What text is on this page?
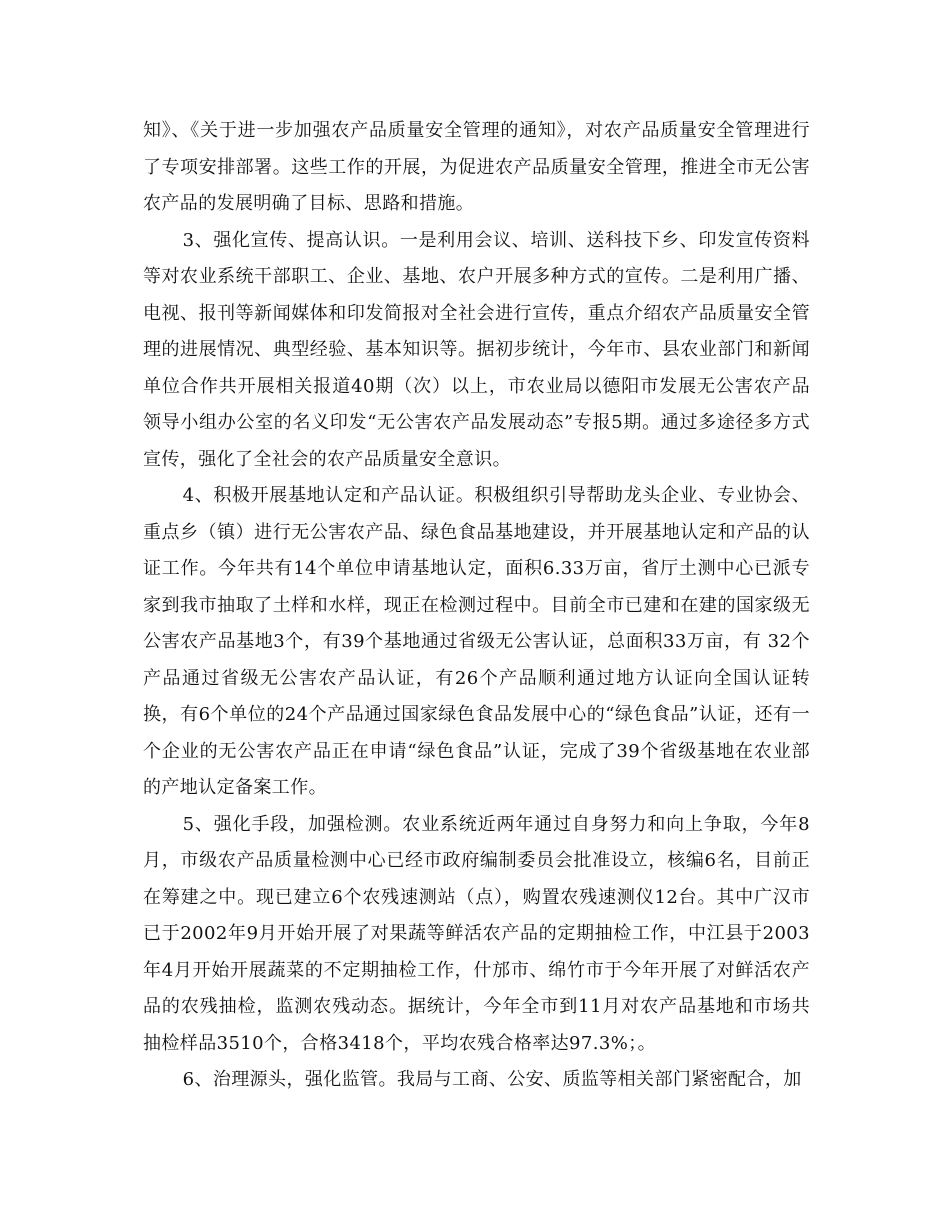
知》、《关于进一步加强农产品质量安全管理的通知》，对农产品质量安全管理进行了专项安排部署。这些工作的开展，为促进农产品质量安全管理，推进全市无公害农产品的发展明确了目标、思路和措施。

3、强化宣传、提高认识。一是利用会议、培训、送科技下乡、印发宣传资料等对农业系统干部职工、企业、基地、农户开展多种方式的宣传。二是利用广播、电视、报刊等新闻媒体和印发简报对全社会进行宣传，重点介绍农产品质量安全管理的进展情况、典型经验、基本知识等。据初步统计，今年市、县农业部门和新闻单位合作共开展相关报道40期（次）以上，市农业局以德阳市发展无公害农产品领导小组办公室的名义印发“无公害农产品发展动态”专报5期。通过多途径多方式宣传，强化了全社会的农产品质量安全意识。

4、积极开展基地认定和产品认证。积极组织引导帮助龙头企业、专业协会、重点乡（镇）进行无公害农产品、绿色食品基地建设，并开展基地认定和产品的认证工作。今年共有14个单位申请基地认定，面积6.33万亩，省厅土测中心已派专家到我市抽取了土样和水样，现正在检测过程中。目前全市已建和在建的国家级无公害农产品基地3个，有39个基地通过省级无公害认证，总面积33万亩，有 32个产品通过省级无公害农产品认证，有26个产品顺利通过地方认证向全国认证转换，有6个单位的24个产品通过国家绿色食品发展中心的“绿色食品”认证，还有一个企业的无公害农产品正在申请“绿色食品”认证，完成了39个省级基地在农业部的产地认定备案工作。

5、强化手段，加强检测。农业系统近两年通过自身努力和向上争取，今年8月，市级农产品质量检测中心已经市政府编制委员会批准设立，核编6名，目前正在筹建之中。现已建立6个农残速测站（点），购置农残速测仪12台。其中广汉市已于2002年9月开始开展了对果蔬等鲜活农产品的定期抽检工作，中江县于2003年4月开始开展蔬菜的不定期抽检工作，什邡市、绵竹市于今年开展了对鲜活农产品的农残抽检，监测农残动态。据统计，今年全市到11月对农产品基地和市场共抽检样品3510个，合格3418个，平均农残合格率达97.3%；。

6、治理源头，强化监管。我局与工商、公安、质监等相关部门紧密配合，加
